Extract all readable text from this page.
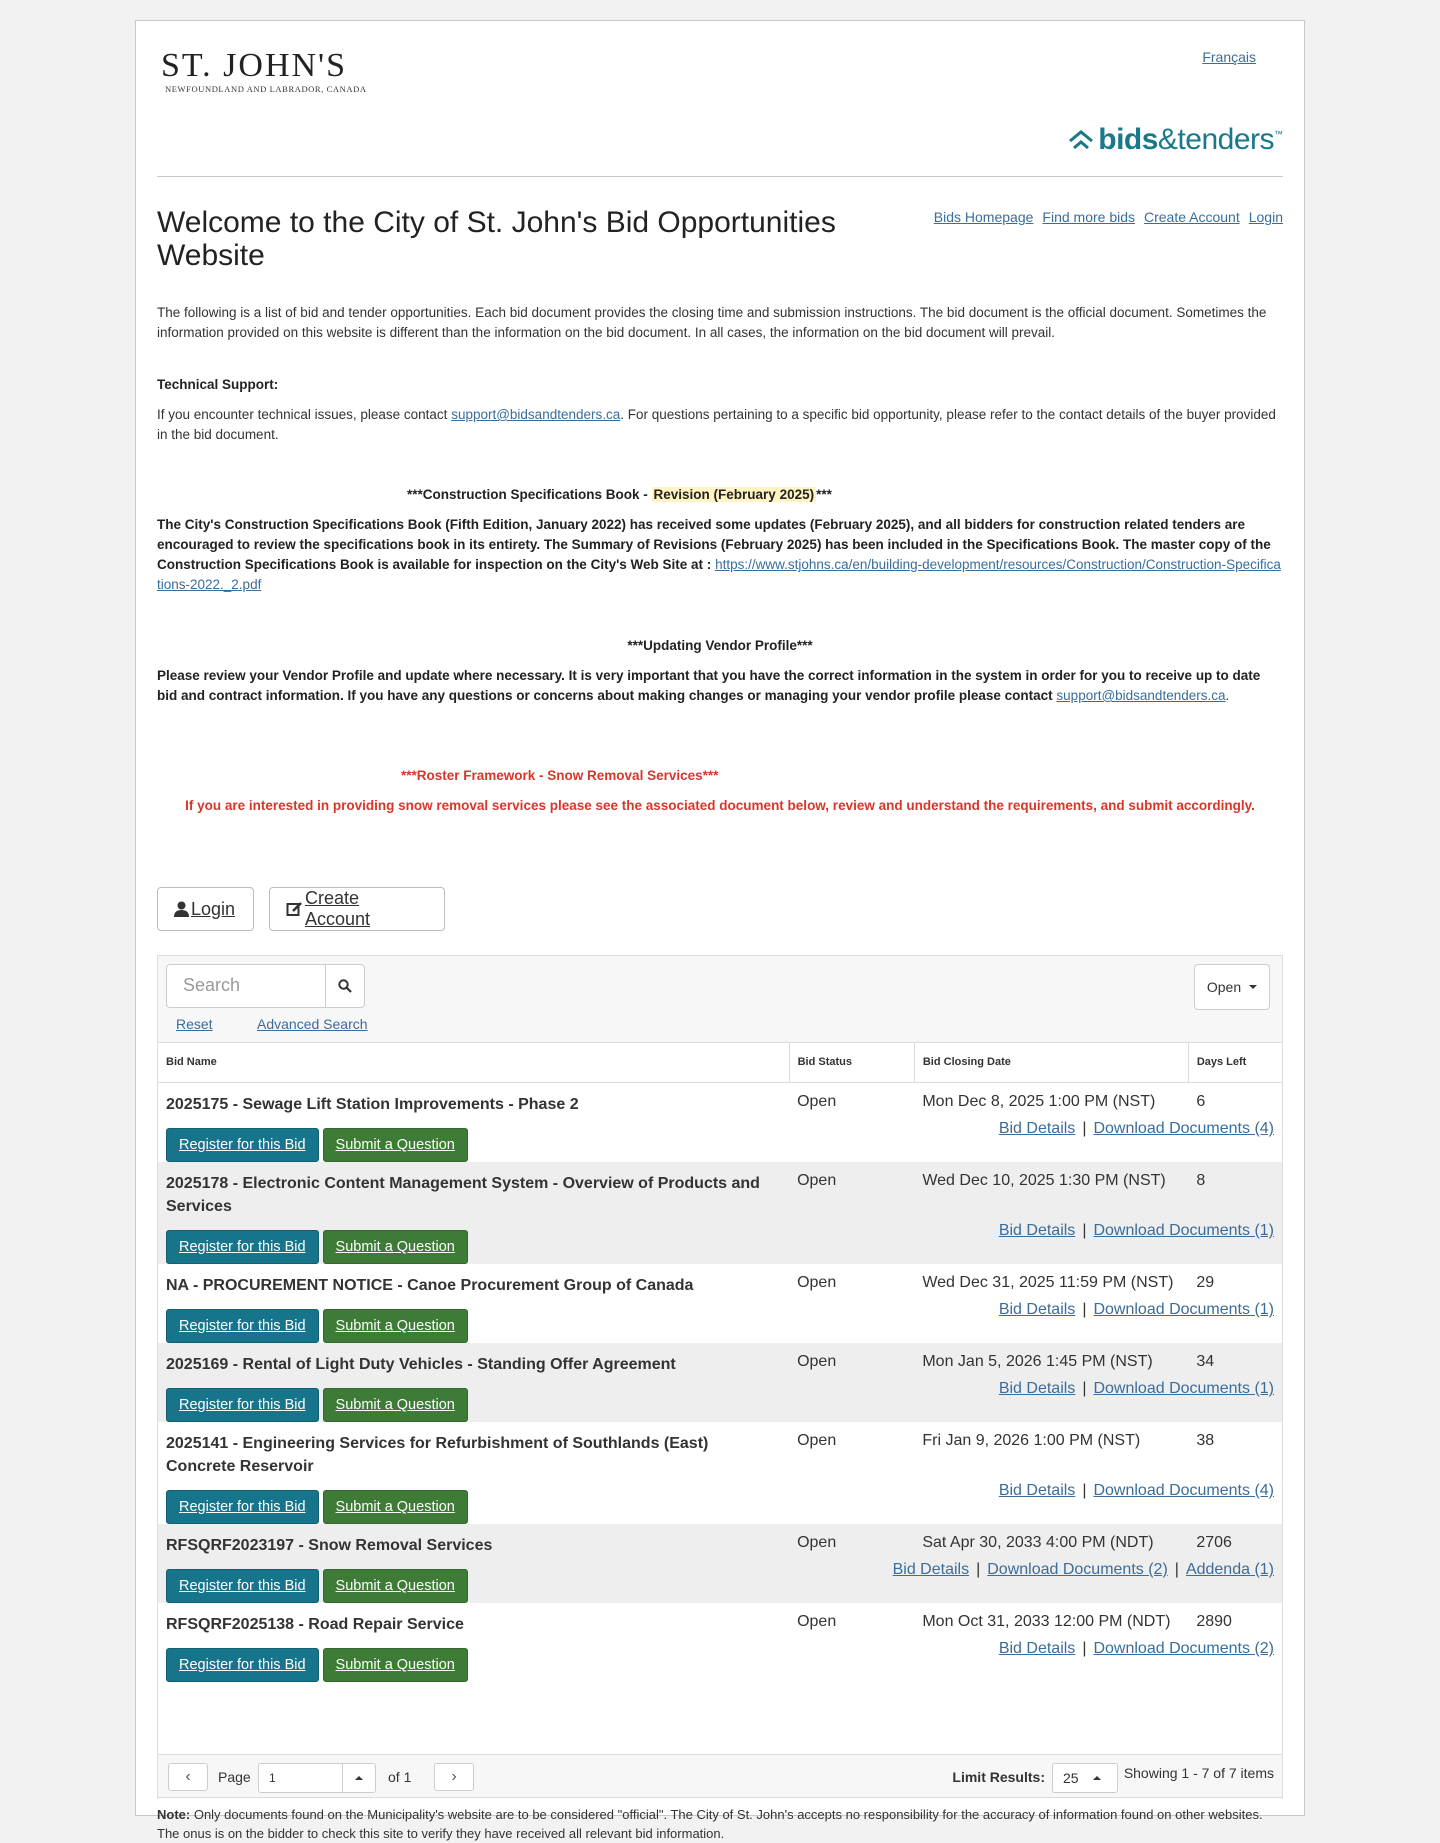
ST. JOHN'S
NEWFOUNDLAND AND LABRADOR, CANADA
Français
bids &tenders ™
Welcome to the City of St. John's Bid Opportunities Website
Bids Homepage Find more bids Create Account Login

The following is a list of bid and tender opportunities. Each bid document provides the closing time and submission instructions. The bid document is the official document. Sometimes the information provided on this website is different than the information on the bid document. In all cases, the information on the bid document will prevail.

Technical Support:

If you encounter technical issues, please contact support@bidsandtenders.ca. For questions pertaining to a specific bid opportunity, please refer to the contact details of the buyer provided in the bid document.

***Construction Specifications Book - Revision (February 2025) ***

The City's Construction Specifications Book (Fifth Edition, January 2022) has received some updates (February 2025), and all bidders for construction related tenders are encouraged to review the specifications book in its entirety. The Summary of Revisions (February 2025) has been included in the Specifications Book. The master copy of the Construction Specifications Book is available for inspection on the City's Web Site at : https://www.stjohns.ca/en/building-development/resources/Construction/Construction-Specifications-2022._2.pdf

***Updating Vendor Profile***

Please review your Vendor Profile and update where necessary. It is very important that you have the correct information in the system in order for you to receive up to date bid and contract information. If you have any questions or concerns about making changes or managing your vendor profile please contact support@bidsandtenders.ca.

***Roster Framework - Snow Removal Services***

If you are interested in providing snow removal services please see the associated document below, review and understand the requirements, and submit accordingly.

Login
Create Account
Search
Reset	Advanced Search
Open
Bid Name	Bid Status	Bid Closing Date	Days Left
2025175 - Sewage Lift Station Improvements - Phase 2	Open	Mon Dec 8, 2025 1:00 PM (NST)	6

Register for this Bid Submit a Question	Bid Details | Download Documents (4)		
2025178 - Electronic Content Management System - Overview of Products and Services	Open	Wed Dec 10, 2025 1:30 PM (NST)	8

Register for this Bid Submit a Question	Bid Details | Download Documents (1)		
NA - PROCUREMENT NOTICE - Canoe Procurement Group of Canada	Open	Wed Dec 31, 2025 11:59 PM (NST)	29

Register for this Bid Submit a Question	Bid Details | Download Documents (1)		
2025169 - Rental of Light Duty Vehicles - Standing Offer Agreement	Open	Mon Jan 5, 2026 1:45 PM (NST)	34

Register for this Bid Submit a Question	Bid Details | Download Documents (1)		
2025141 - Engineering Services for Refurbishment of Southlands (East) Concrete Reservoir	Open	Fri Jan 9, 2026 1:00 PM (NST)	38

Register for this Bid Submit a Question	Bid Details | Download Documents (4)		
RFSQRF2023197 - Snow Removal Services	Open	Sat Apr 30, 2033 4:00 PM (NDT)	2706

Register for this Bid Submit a Question	Bid Details | Download Documents (2) | Addenda (1)		
RFSQRF2025138 - Road Repair Service	Open	Mon Oct 31, 2033 12:00 PM (NDT)	2890

Register for this Bid Submit a Question	Bid Details | Download Documents (2)		
‹ Page	1	of 1 ›	Limit Results: 25	Showing 1 - 7 of 7 items

Note: Only documents found on the Municipality's website are to be considered "official". The City of St. John's accepts no responsibility for the accuracy of information found on other websites. The onus is on the bidder to check this site to verify they have received all relevant bid information.
